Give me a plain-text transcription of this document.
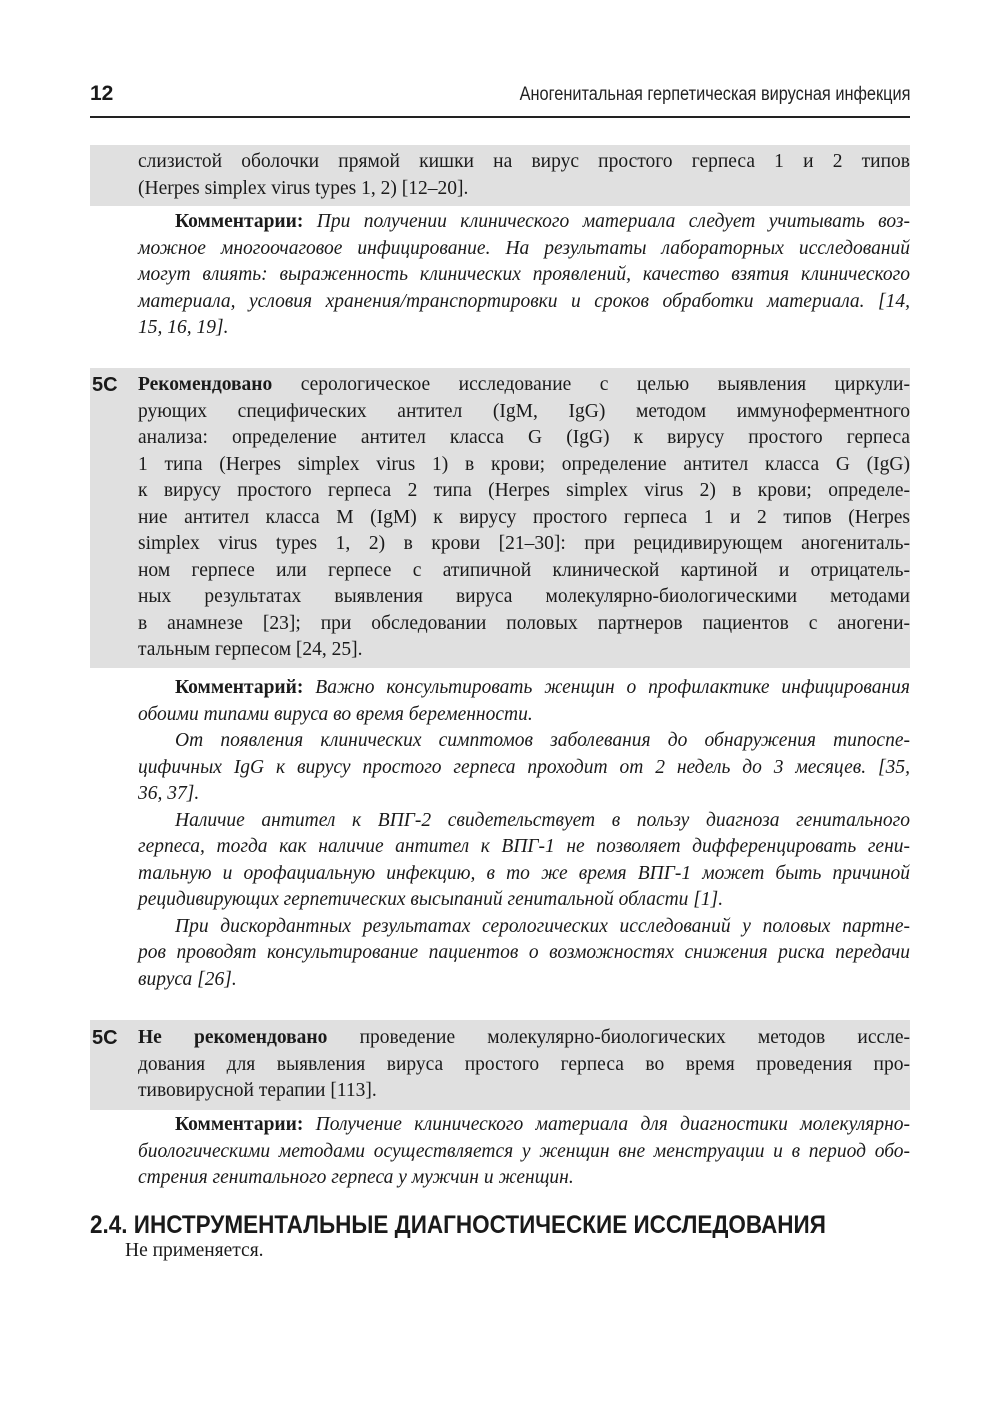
12	Аногенитальная герпетическая вирусная инфекция
слизистой оболочки прямой кишки на вирус простого герпеса 1 и 2 типов
(Herpes simplex virus types 1, 2) [12–20].
Комментарии: При получении клинического материала следует учитывать воз-
можное многоочаговое инфицирование. На результаты лабораторных исследований
могут влиять: выраженность клинических проявлений, качество взятия клинического
материала, условия хранения/транспортировки и сроков обработки материала. [14,
15, 16, 19].
5C	Рекомендовано серологическое исследование с целью выявления циркули-
рующих специфических антител (IgM, IgG) методом иммуноферментного
анализа: определение антител класса G (IgG) к вирусу простого герпеса
1 типа (Herpes simplex virus 1) в крови; определение антител класса G (IgG)
к вирусу простого герпеса 2 типа (Herpes simplex virus 2) в крови; определе-
ние антител класса M (IgM) к вирусу простого герпеса 1 и 2 типов (Herpes
simplex virus types 1, 2) в крови [21–30]: при рецидивирующем аногениталь-
ном герпесе или герпесе с атипичной клинической картиной и отрицатель-
ных результатах выявления вируса молекулярно-биологическими методами
в анамнезе [23]; при обследовании половых партнеров пациентов с аногени-
тальным герпесом [24, 25].
Комментарий: Важно консультировать женщин о профилактике инфицирования
обоими типами вируса во время беременности.
От появления клинических симптомов заболевания до обнаружения типоспе-
цифичных IgG к вирусу простого герпеса проходит от 2 недель до 3 месяцев. [35,
36, 37].
Наличие антител к ВПГ-2 свидетельствует в пользу диагноза генитального
герпеса, тогда как наличие антител к ВПГ-1 не позволяет дифференцировать гени-
тальную и орофациальную инфекцию, в то же время ВПГ-1 может быть причиной
рецидивирующих герпетических высыпаний генитальной области [1].
При дискордантных результатах серологических исследований у половых партне-
ров проводят консультирование пациентов о возможностях снижения риска передачи
вируса [26].
5C	Не рекомендовано проведение молекулярно-биологических методов иссле-
дования для выявления вируса простого герпеса во время проведения про-
тивовирусной терапии [113].
Комментарии: Получение клинического материала для диагностики молекулярно-
биологическими методами осуществляется у женщин вне менструации и в период обо-
стрения генитального герпеса у мужчин и женщин.
2.4. ИНСТРУМЕНТАЛЬНЫЕ ДИАГНОСТИЧЕСКИЕ ИССЛЕДОВАНИЯ
Не применяется.
